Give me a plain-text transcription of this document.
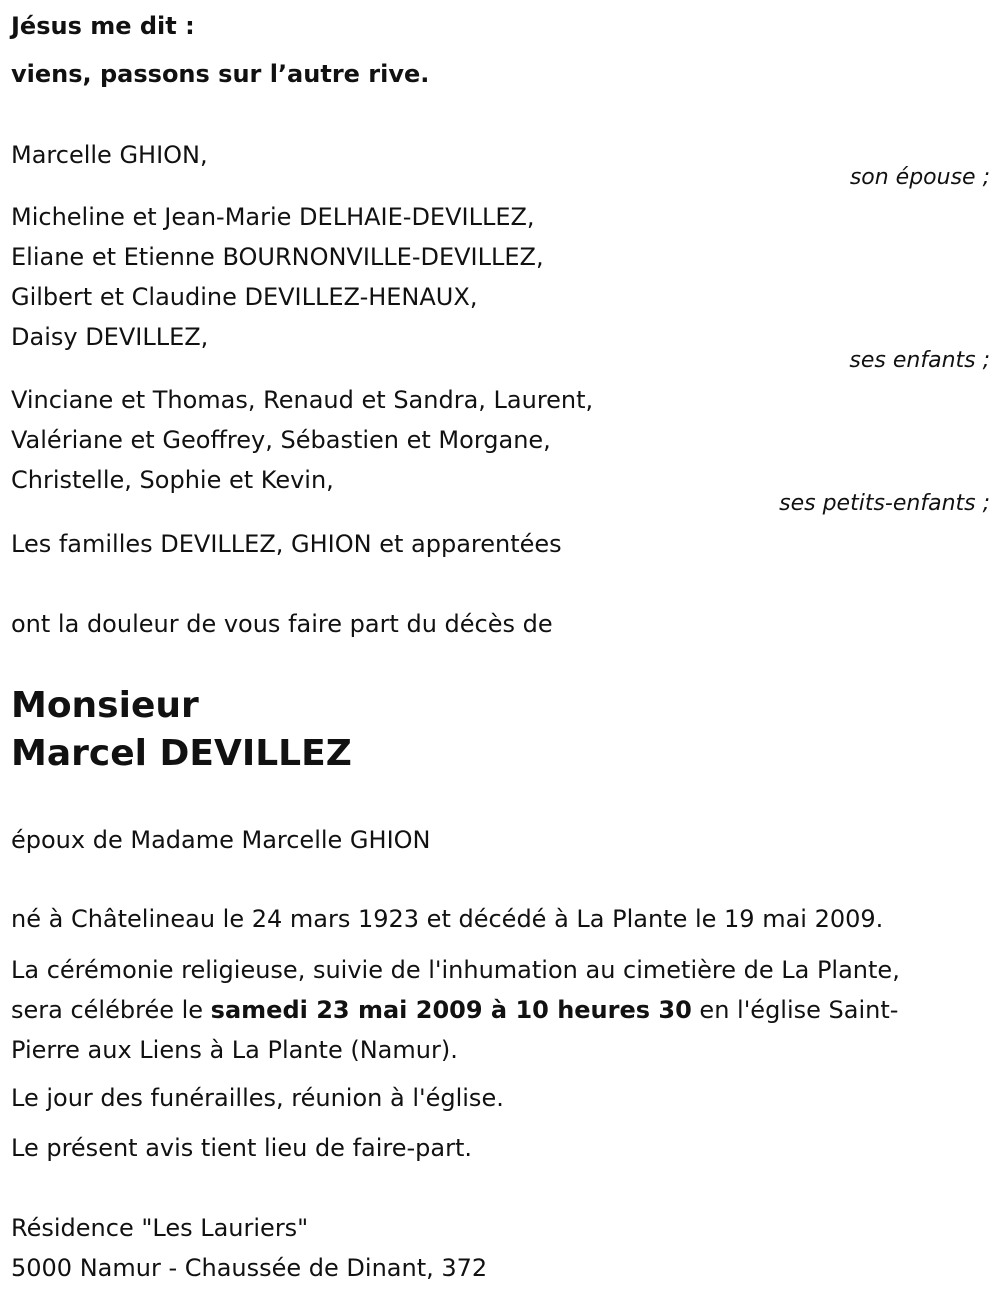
Jésus me dit :
viens, passons sur l’autre rive.
Marcelle GHION,
son épouse ;
Micheline et Jean-Marie DELHAIE-DEVILLEZ,
Eliane et Etienne BOURNONVILLE-DEVILLEZ,
Gilbert et Claudine DEVILLEZ-HENAUX,
Daisy DEVILLEZ,
ses enfants ;
Vinciane et Thomas, Renaud et Sandra, Laurent,
Valériane et Geoffrey, Sébastien et Morgane,
Christelle, Sophie et Kevin,
ses petits-enfants ;
Les familles DEVILLEZ, GHION et apparentées
ont la douleur de vous faire part du décès de
Monsieur
Marcel DEVILLEZ
époux de Madame Marcelle GHION
né à Châtelineau le 24 mars 1923 et décédé à La Plante le 19 mai 2009.
La cérémonie religieuse, suivie de l'inhumation au cimetière de La Plante,
sera célébrée le samedi 23 mai 2009 à 10 heures 30 en l'église Saint-
Pierre aux Liens à La Plante (Namur).
Le jour des funérailles, réunion à l'église.
Le présent avis tient lieu de faire-part.
Résidence "Les Lauriers"
5000 Namur - Chaussée de Dinant, 372
